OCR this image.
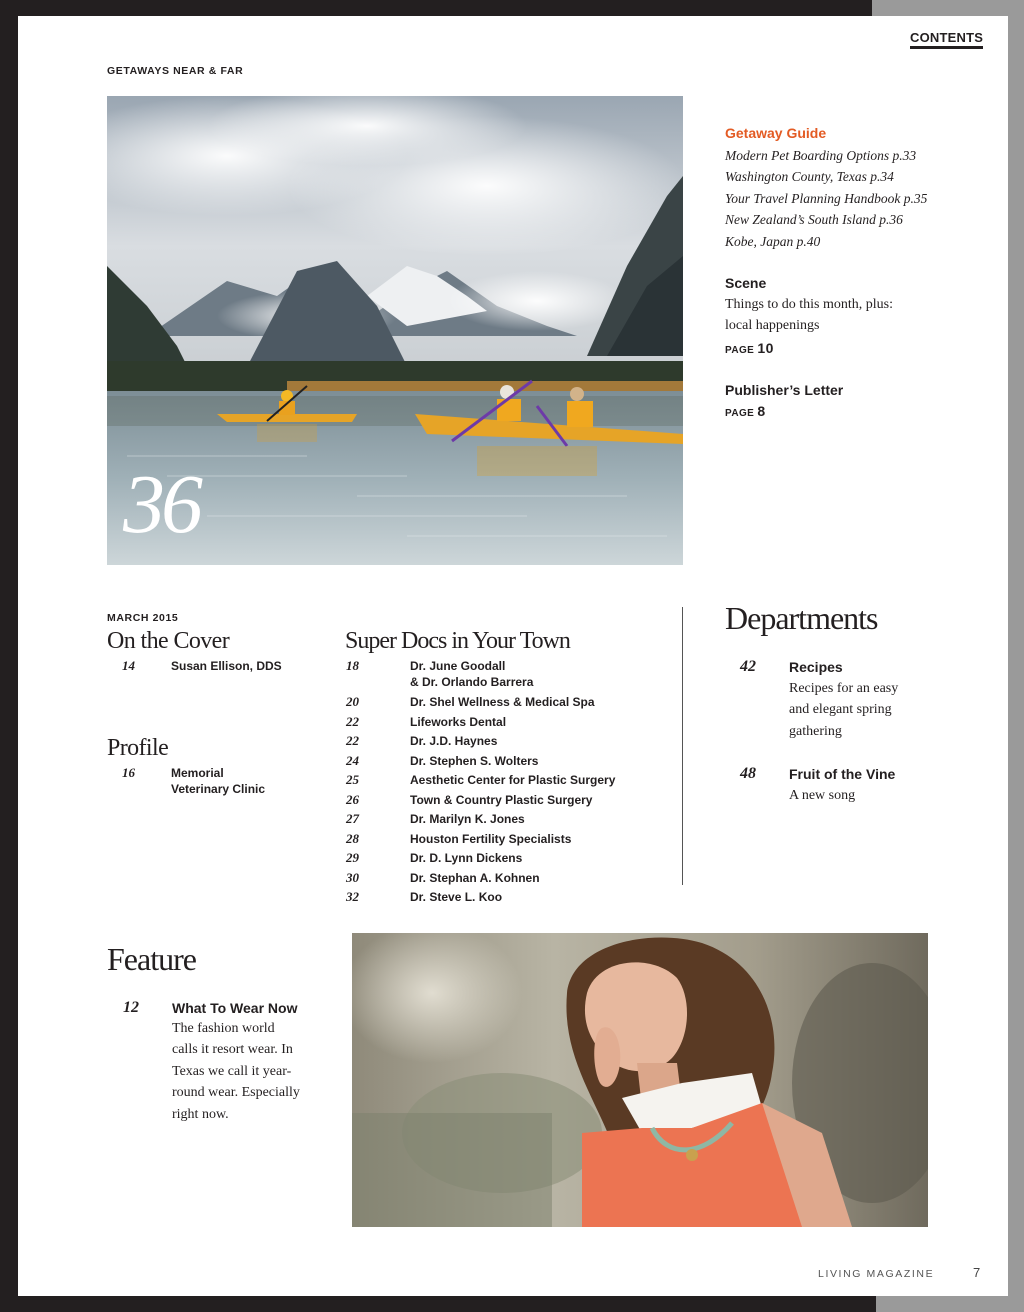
CONTENTS
GETAWAYS NEAR & FAR
36
Getaway Guide
Modern Pet Boarding Options p.33
Washington County, Texas p.34
Your Travel Planning Handbook p.35
New Zealand’s South Island p.36
Kobe, Japan p.40
Scene
Things to do this month, plus:
local happenings
PAGE 10
Publisher’s Letter
PAGE 8
MARCH 2015
On the Cover
14	Susan Ellison, DDS
Profile
16	Memorial
Veterinary Clinic
Super Docs in Your Town
18	Dr. June Goodall
& Dr. Orlando Barrera
20	Dr. Shel Wellness & Medical Spa
22	Lifeworks Dental
22	Dr. J.D. Haynes
24	Dr. Stephen S. Wolters
25	Aesthetic Center for Plastic Surgery
26	Town & Country Plastic Surgery
27	Dr. Marilyn K. Jones
28	Houston Fertility Specialists
29	Dr. D. Lynn Dickens
30	Dr. Stephan A. Kohnen
32	Dr. Steve L. Koo
Departments
42 Recipes
Recipes for an easy
and elegant spring
gathering
48 Fruit of the Vine
A new song
Feature
12 What To Wear Now
The fashion world
calls it resort wear. In
Texas we call it year-
round wear. Especially
right now.
LIVING MAGAZINE	7
